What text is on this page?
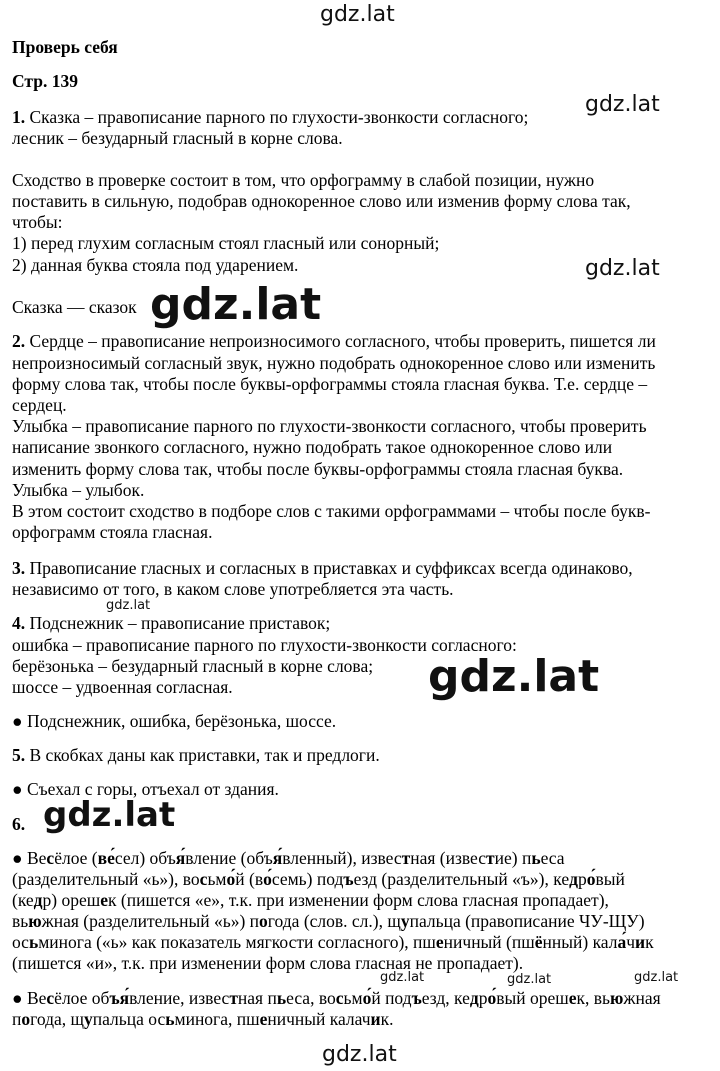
gdz.lat
gdz.lat
gdz.lat
gdz.lat
gdz.lat
gdz.lat
gdz.lat
gdz.lat	gdz.lat	gdz.lat
gdz.lat
Проверь себя
Стр. 139
1. Сказка – правописание парного по глухости-звонкости согласного;
лесник – безударный гласный в корне слова.
Сходство в проверке состоит в том, что орфограмму в слабой позиции, нужно
поставить в сильную, подобрав однокоренное слово или изменив форму слова так,
чтобы:
1) перед глухим согласным стоял гласный или сонорный;
2) данная буква стояла под ударением.
Сказка — сказок
2. Сердце – правописание непроизносимого согласного, чтобы проверить, пишется ли
непроизносимый согласный звук, нужно подобрать однокоренное слово или изменить
форму слова так, чтобы после буквы-орфограммы стояла гласная буква. Т.е. сердце –
сердец.
Улыбка – правописание парного по глухости-звонкости согласного, чтобы проверить
написание звонкого согласного, нужно подобрать такое однокоренное слово или
изменить форму слова так, чтобы после буквы-орфограммы стояла гласная буква.
Улыбка – улыбок.
В этом состоит сходство в подборе слов с такими орфограммами – чтобы после букв-
орфограмм стояла гласная.
3. Правописание гласных и согласных в приставках и суффиксах всегда одинаково,
независимо от того, в каком слове употребляется эта часть.
4. Подснежник – правописание приставок;
ошибка – правописание парного по глухости-звонкости согласного:
берёзонька – безударный гласный в корне слова;
шоссе – удвоенная согласная.
● Подснежник, ошибка, берёзонька, шоссе.
5. В скобках даны как приставки, так и предлоги.
● Съехал с горы, отъехал от здания.
6.
● Весёлое (ве́сел) объя́вление (объя́вленный), известная (известие) пьеса
(разделительный «ь»), восьмо́й (во́семь) подъезд (разделительный «ъ»), кедро́вый
(кедр) орешек (пишется «е», т.к. при изменении форм слова гласная пропадает),
вьюжная (разделительный «ь») погода (слов. сл.), щупальца (правописание ЧУ-ЩУ)
осьминога («ь» как показатель мягкости согласного), пшеничный (пшённый) кала́чик
(пишется «и», т.к. при изменении форм слова гласная не пропадает).
● Весёлое объя́вление, известная пьеса, восьмо́й подъезд, кедро́вый орешек, вьюжная
погода, щупальца осьминога, пшеничный калачик.
